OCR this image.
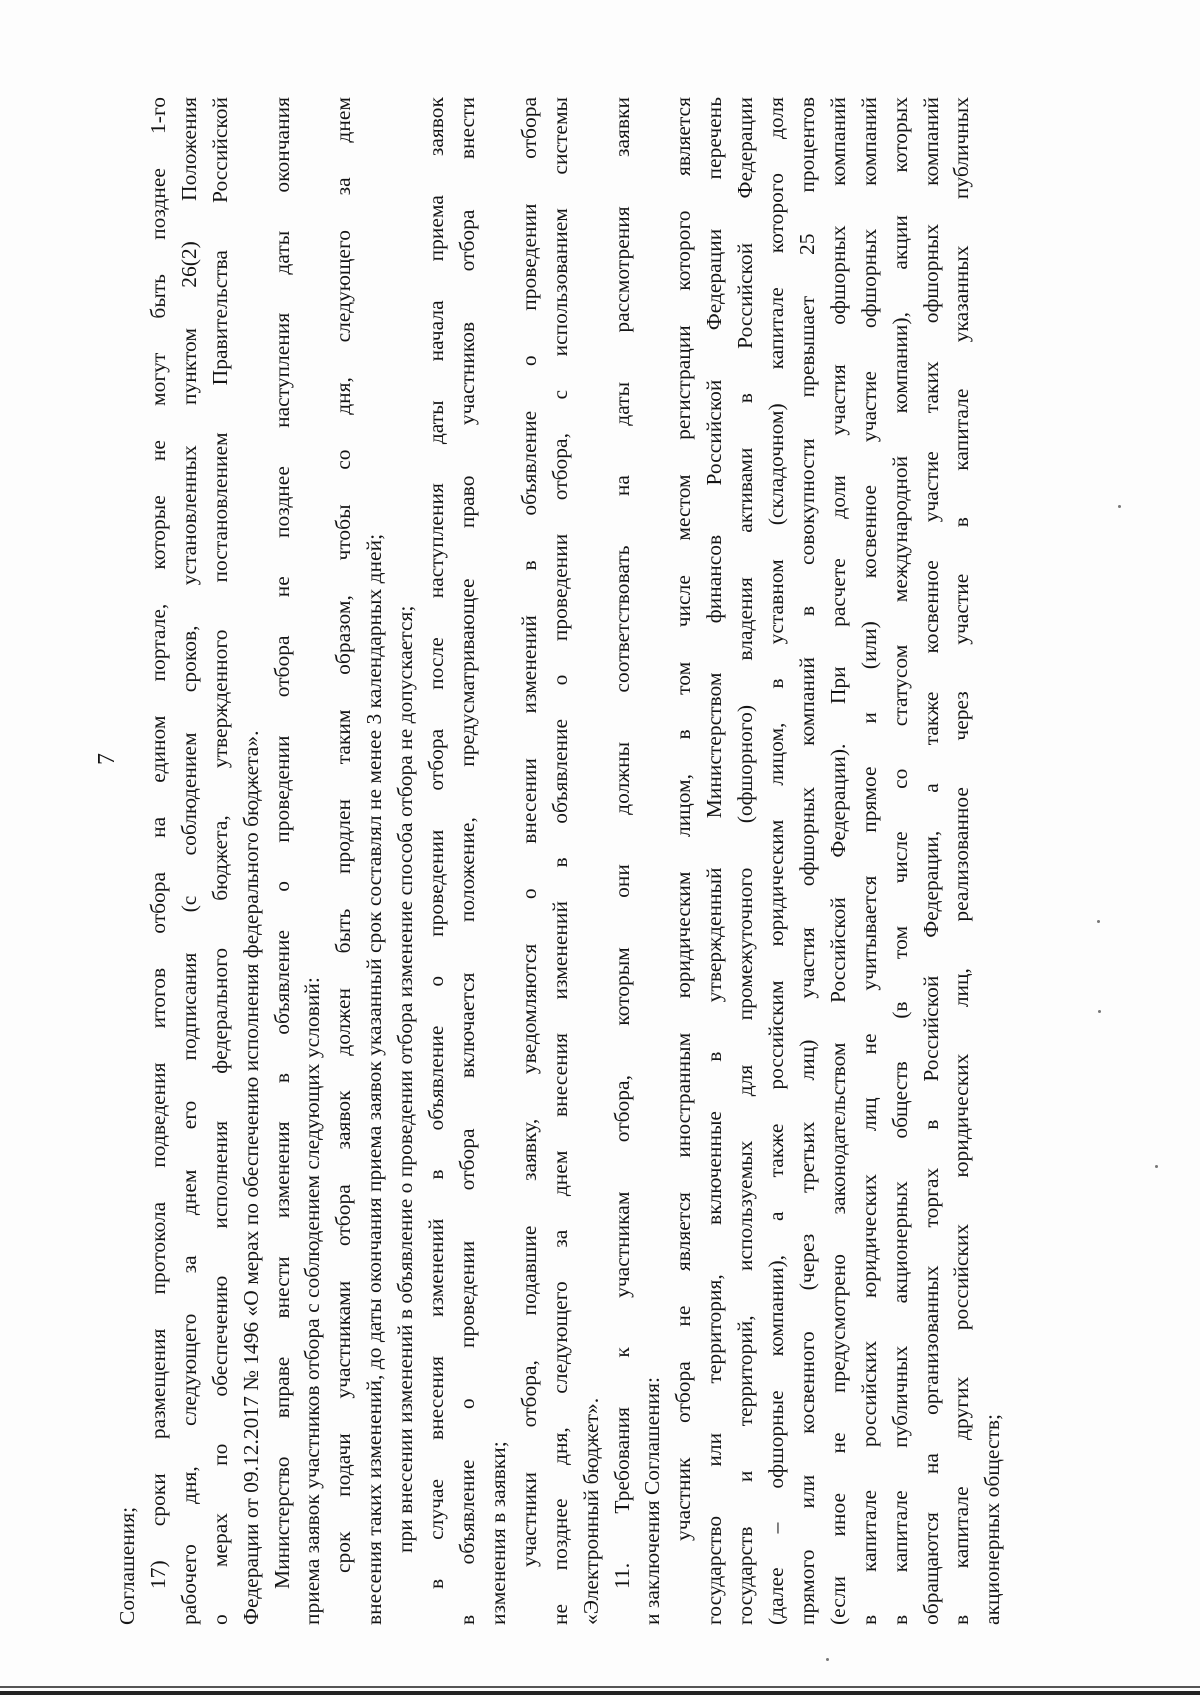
7
Соглашения; 17) сроки размещения протокола подведения итогов отбора на едином портале, которые не могут быть позднее 1-го рабочего дня, следующего за днем его подписания (с соблюдением сроков, установленных пунктом 26(2) Положения о мерах по обеспечению исполнения федерального бюджета, утвержденного постановлением Правительства Российской Федерации от 09.12.2017 № 1496 «О мерах по обеспечению исполнения федерального бюджета». Министерство вправе внести изменения в объявление о проведении отбора не позднее наступления даты окончания приема заявок участников отбора с соблюдением следующих условий: срок подачи участниками отбора заявок должен быть продлен таким образом, чтобы со дня, следующего за днем внесения таких изменений, до даты окончания приема заявок указанный срок составлял не менее 3 календарных дней; при внесении изменений в объявление о проведении отбора изменение способа отбора не допускается; в случае внесения изменений в объявление о проведении отбора после наступления даты начала приема заявок в объявление о проведении отбора включается положение, предусматривающее право участников отбора внести изменения в заявки; участники отбора, подавшие заявку, уведомляются о внесении изменений в объявление о проведении отбора не позднее дня, следующего за днем внесения изменений в объявление о проведении отбора, с использованием системы «Электронный бюджет». 11. Требования к участникам отбора, которым они должны соответствовать на даты рассмотрения заявки и заключения Соглашения: участник отбора не является иностранным юридическим лицом, в том числе местом регистрации которого является государство или территория, включенные в утвержденный Министерством финансов Российской Федерации перечень государств и территорий, используемых для промежуточного (офшорного) владения активами в Российской Федерации (далее – офшорные компании), а также российским юридическим лицом, в уставном (складочном) капитале которого доля прямого или косвенного (через третьих лиц) участия офшорных компаний в совокупности превышает 25 процентов (если иное не предусмотрено законодательством Российской Федерации). При расчете доли участия офшорных компаний в капитале российских юридических лиц не учитывается прямое и (или) косвенное участие офшорных компаний в капитале публичных акционерных обществ (в том числе со статусом международной компании), акции которых обращаются на организованных торгах в Российской Федерации, а также косвенное участие таких офшорных компаний в капитале других российских юридических лиц, реализованное через участие в капитале указанных публичных акционерных обществ;
